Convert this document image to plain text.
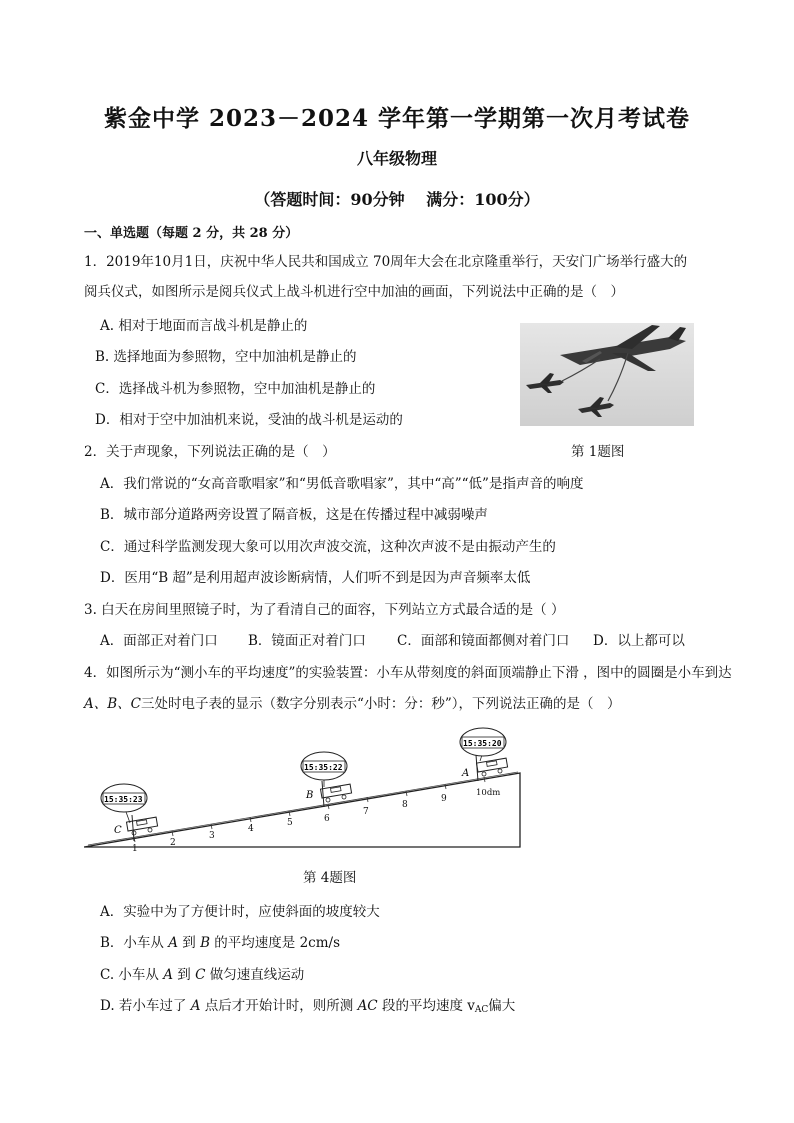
紫金中学 2023－2024 学年第一学期第一次月考试卷
八年级物理
（答题时间：90分钟　 满分：100分）
一、单选题（每题 2 分，共 28 分）
1．2019年10月1日，庆祝中华人民共和国成立 70周年大会在北京隆重举行，天安门广场举行盛大的
阅兵仪式，如图所示是阅兵仪式上战斗机进行空中加油的画面，下列说法中正确的是（　）
A. 相对于地面而言战斗机是静止的
B. 选择地面为参照物，空中加油机是静止的
C．选择战斗机为参照物，空中加油机是静止的
D．相对于空中加油机来说，受油的战斗机是运动的
第 1题图
2．关于声现象，下列说法正确的是（　）
A．我们常说的“女高音歌唱家”和“男低音歌唱家”，其中“高”“低”是指声音的响度
B．城市部分道路两旁设置了隔音板，这是在传播过程中减弱噪声
C．通过科学监测发现大象可以用次声波交流，这种次声波不是由振动产生的
D．医用“B 超”是利用超声波诊断病情，人们听不到是因为声音频率太低
3. 白天在房间里照镜子时，为了看清自己的面容，下列站立方式最合适的是（ ）
A．面部正对着门口 B．镜面正对着门口 C．面部和镜面都侧对着门口 D．以上都可以
4．如图所示为“测小车的平均速度”的实验装置：小车从带刻度的斜面顶端静止下滑 ，图中的圆圈是小车到达
A、B、C三处时电子表的显示（数字分别表示“小时：分：秒”），下列说法正确的是（　）
1
2
3
4
5	6
7
8
9
10dm
C
15:35:23	B
15:35:22
A
15:35:20
第 4题图
A．实验中为了方便计时，应使斜面的坡度较大
B．小车从 A 到 B 的平均速度是 2cm/s
C. 小车从 A 到 C 做匀速直线运动
D. 若小车过了 A 点后才开始计时，则所测 AC 段的平均速度 $v_{AC}$偏大
